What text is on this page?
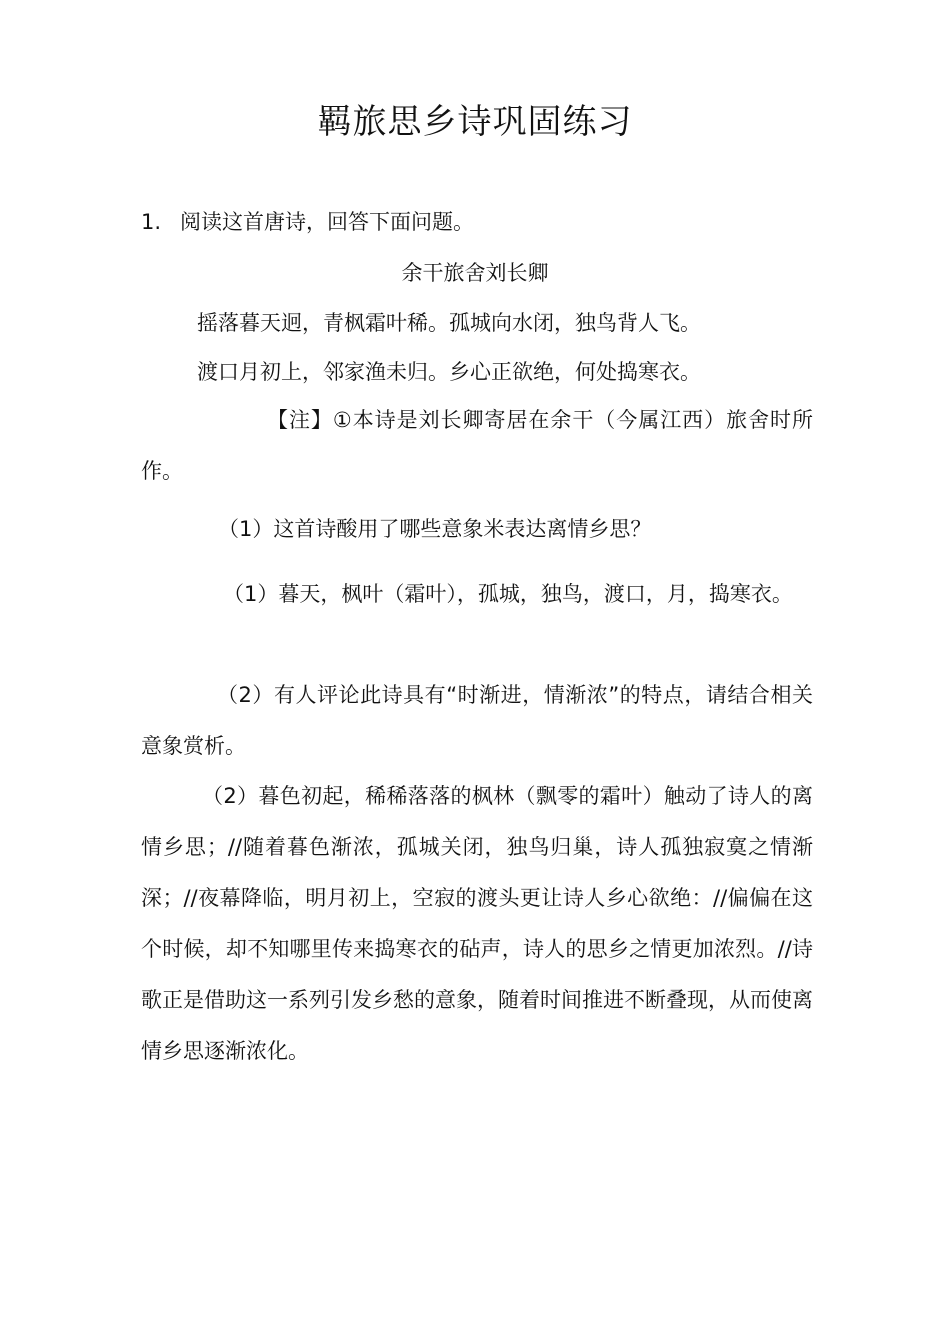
羁旅思乡诗巩固练习
1. 阅读这首唐诗，回答下面问题。
余干旅舍刘长卿
摇落暮天迥，青枫霜叶稀。孤城向水闭，独鸟背人飞。
渡口月初上，邻家渔未归。乡心正欲绝，何处捣寒衣。
【注】①本诗是刘长卿寄居在余干（今属江西）旅舍时所作。
（1）这首诗酸用了哪些意象米表达离情乡思？
（1）暮天，枫叶（霜叶），孤城，独鸟，渡口，月，捣寒衣。
（2）有人评论此诗具有“时渐进，情渐浓”的特点，请结合相关意象赏析。
（2）暮色初起，稀稀落落的枫林（飘零的霜叶）触动了诗人的离情乡思；//随着暮色渐浓，孤城关闭，独鸟归巢，诗人孤独寂寞之情渐深；//夜幕降临，明月初上，空寂的渡头更让诗人乡心欲绝：//偏偏在这个时候，却不知哪里传来捣寒衣的砧声，诗人的思乡之情更加浓烈。//诗歌正是借助这一系列引发乡愁的意象，随着时间推进不断叠现，从而使离情乡思逐渐浓化。
